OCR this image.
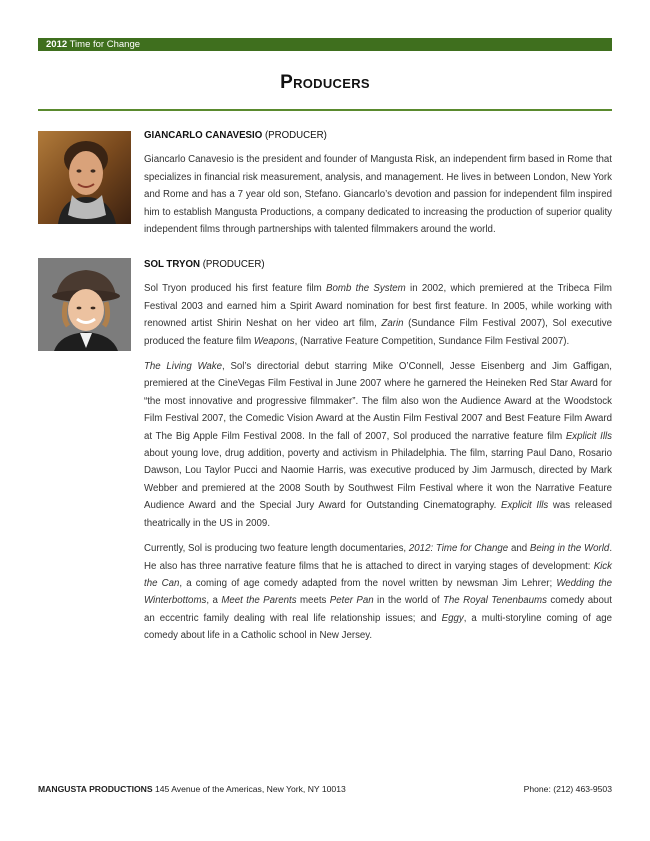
2012 Time for Change
Producers
GIANCARLO CANAVESIO (PRODUCER)

Giancarlo Canavesio is the president and founder of Mangusta Risk, an independent firm based in Rome that specializes in financial risk measurement, analysis, and management. He lives in between London, New York and Rome and has a 7 year old son, Stefano. Giancarlo’s devotion and passion for independent film inspired him to establish Mangusta Productions, a company dedicated to increasing the production of superior quality independent films through partnerships with talented filmmakers around the world.

SOL TRYON (PRODUCER)

Sol Tryon produced his first feature film Bomb the System in 2002, which premiered at the Tribeca Film Festival 2003 and earned him a Spirit Award nomination for best first feature. In 2005, while working with renowned artist Shirin Neshat on her video art film, Zarin (Sundance Film Festival 2007), Sol executive produced the feature film Weapons, (Narrative Feature Competition, Sundance Film Festival 2007).

The Living Wake, Sol’s directorial debut starring Mike O’Connell, Jesse Eisenberg and Jim Gaffigan, premiered at the CineVegas Film Festival in June 2007 where he garnered the Heineken Red Star Award for “the most innovative and progressive filmmaker”. The film also won the Audience Award at the Woodstock Film Festival 2007, the Comedic Vision Award at the Austin Film Festival 2007 and Best Feature Film Award at The Big Apple Film Festival 2008. In the fall of 2007, Sol produced the narrative feature film Explicit Ills about young love, drug addition, poverty and activism in Philadelphia. The film, starring Paul Dano, Rosario Dawson, Lou Taylor Pucci and Naomie Harris, was executive produced by Jim Jarmusch, directed by Mark Webber and premiered at the 2008 South by Southwest Film Festival where it won the Narrative Feature Audience Award and the Special Jury Award for Outstanding Cinematography. Explicit Ills was released theatrically in the US in 2009.

Currently, Sol is producing two feature length documentaries, 2012: Time for Change and Being in the World. He also has three narrative feature films that he is attached to direct in varying stages of development: Kick the Can, a coming of age comedy adapted from the novel written by newsman Jim Lehrer; Wedding the Winterbottoms, a Meet the Parents meets Peter Pan in the world of The Royal Tenenbaums comedy about an eccentric family dealing with real life relationship issues; and Eggy, a multi-storyline coming of age comedy about life in a Catholic school in New Jersey.

MANGUSTA PRODUCTIONS 145 Avenue of the Americas, New York, NY 10013	Phone: (212) 463-9503
